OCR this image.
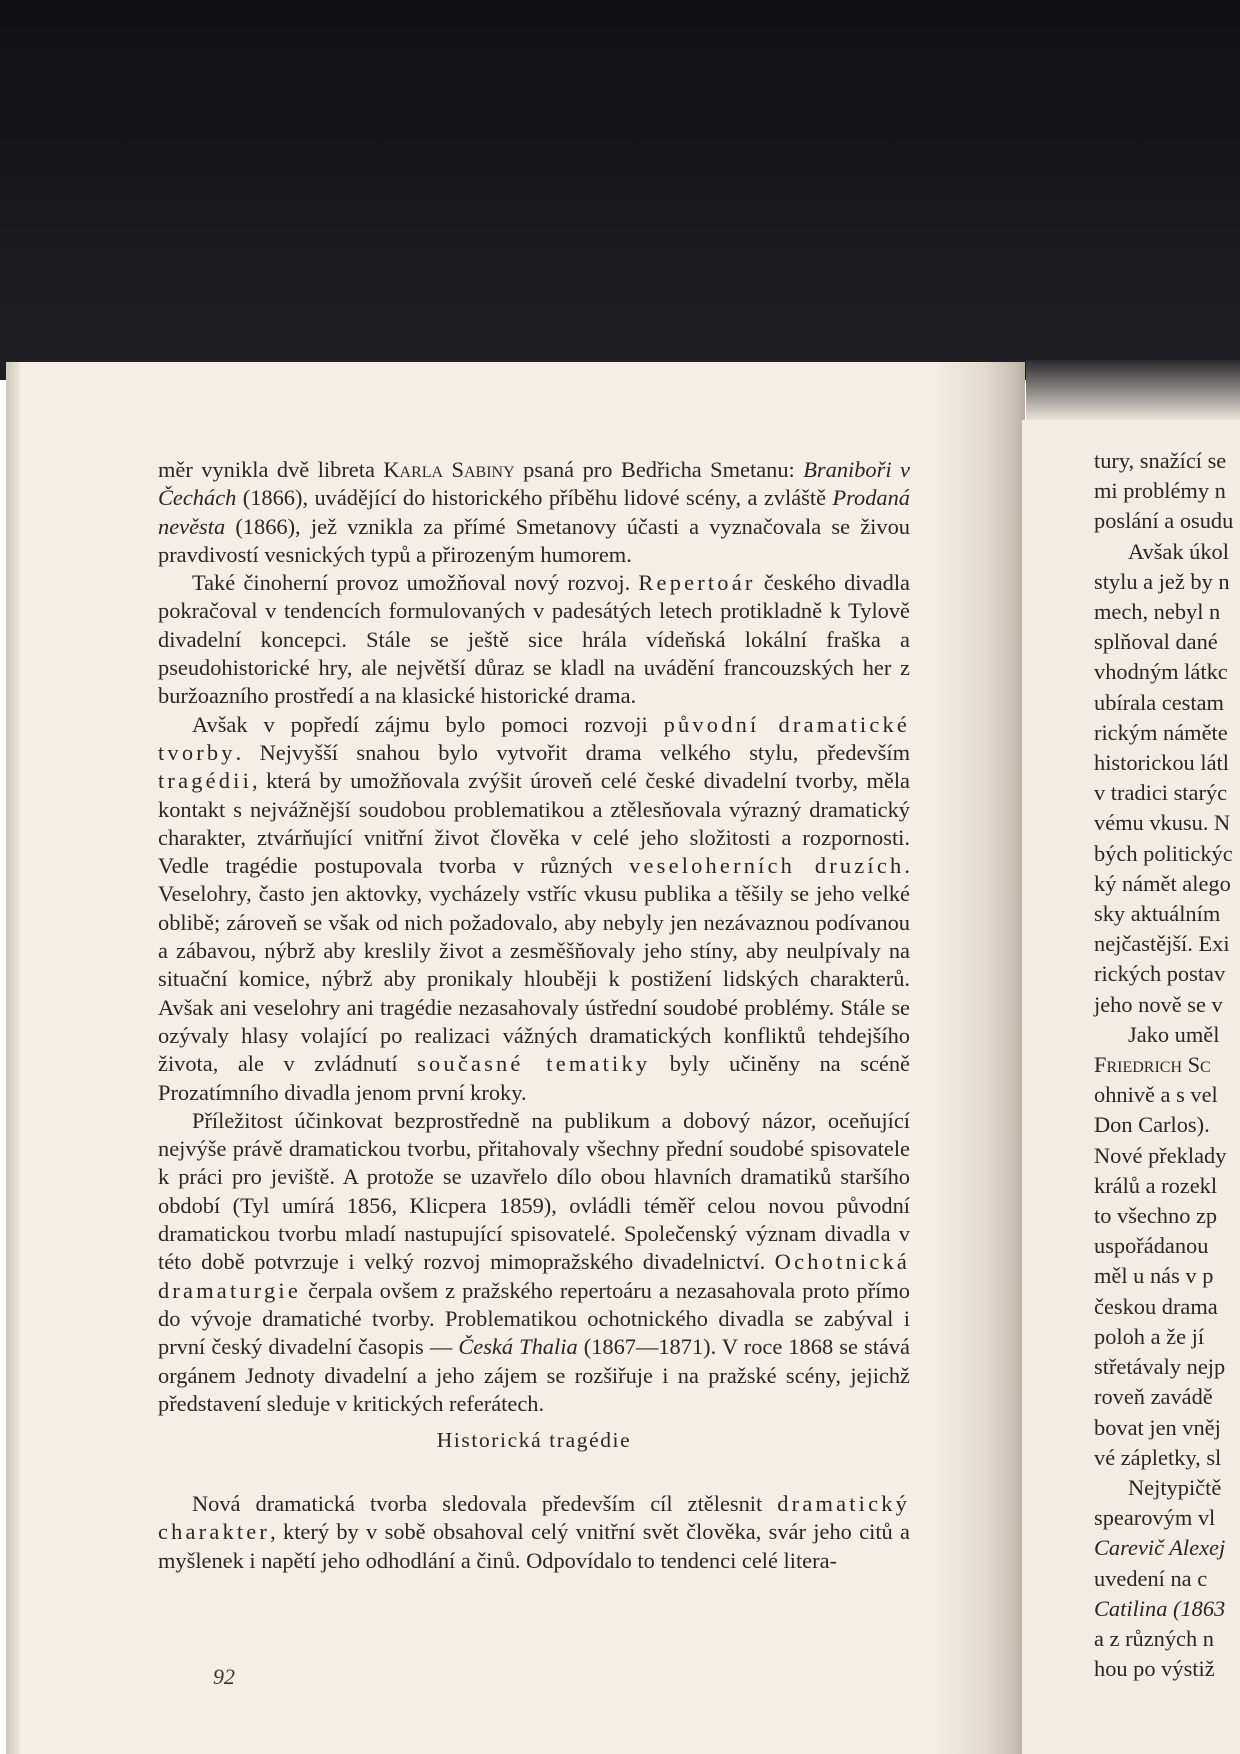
měr vynikla dvě libreta Karla Sabiny psaná pro Bedřicha Smetanu: Braniboři v Čechách (1866), uvádějící do historického příběhu lidové scény, a zvláště Prodaná nevěsta (1866), jež vznikla za přímé Smetanovy účasti a vyznačovala se živou pravdivostí vesnických typů a přirozeným humorem.

Také činoherní provoz umožňoval nový rozvoj. Repertoár českého divadla pokračoval v tendencích formulovaných v padesátých letech protikladně k Tylově divadelní koncepci. Stále se ještě sice hrála vídeňská lokální fraška a pseudohistorické hry, ale největší důraz se kladl na uvádění francouzských her z buržoazního prostředí a na klasické historické drama.

Avšak v popředí zájmu bylo pomoci rozvoji původní dramatické tvorby. Nejvyšší snahou bylo vytvořit drama velkého stylu, především tragédii, která by umožňovala zvýšit úroveň celé české divadelní tvorby, měla kontakt s nejvážnější soudobou problematikou a ztělesňovala výrazný dramatický charakter, ztvárňující vnitřní život člověka v celé jeho složitosti a rozpornosti. Vedle tragédie postupovala tvorba v různých veseloherních druzích. Veselohry, často jen aktovky, vycházely vstříc vkusu publika a těšily se jeho velké oblibě; zároveň se však od nich požadovalo, aby nebyly jen nezávaznou podívanou a zábavou, nýbrž aby kreslily život a zesměšňovaly jeho stíny, aby neulpívaly na situační komice, nýbrž aby pronikaly hlouběji k postižení lidských charakterů. Avšak ani veselohry ani tragédie nezasahovaly ústřední soudobé problémy. Stále se ozývaly hlasy volající po realizaci vážných dramatických konfliktů tehdejšího života, ale v zvládnutí současné tematiky byly učiněny na scéně Prozatímního divadla jenom první kroky.

Příležitost účinkovat bezprostředně na publikum a dobový názor, oceňující nejvýše právě dramatickou tvorbu, přitahovaly všechny přední soudobé spisovatele k práci pro jeviště. A protože se uzavřelo dílo obou hlavních dramatiků staršího období (Tyl umírá 1856, Klicpera 1859), ovládli téměř celou novou původní dramatickou tvorbu mladí nastupující spisovatelé. Společenský význam divadla v této době potvrzuje i velký rozvoj mimopražského divadelnictví. Ochotnická dramaturgie čerpala ovšem z pražského repertoáru a nezasahovala proto přímo do vývoje dramatiché tvorby. Problematikou ochotnického divadla se zabýval i první český divadelní časopis — Česká Thalia (1867—1871). V roce 1868 se stává orgánem Jednoty divadelní a jeho zájem se rozšiřuje i na pražské scény, jejichž představení sleduje v kritických referátech.

Historická tragédie

Nová dramatická tvorba sledovala především cíl ztělesnit dramatický charakter, který by v sobě obsahoval celý vnitřní svět člověka, svár jeho citů a myšlenek i napětí jeho odhodlání a činů. Odpovídalo to tendenci celé litera-

92
tury, snažící se
mi problémy n
poslání a osudu
Avšak úkol
stylu a jež by n
mech, nebyl n
splňoval dané
vhodným látkc
ubírala cestam
rickým náměte
historickou látl
v tradici starýc
vému vkusu. N
bých politickýc
ký námět alego
sky aktuálním
nejčastější. Exi
rických postav
jeho nově se v
Jako uměl
Friedrich Sc
ohnivě a s vel
Don Carlos).
Nové překlady
králů a rozekl
to všechno zp
uspořádanou
měl u nás v p
českou drama
poloh a že jí
střetávaly nejp
roveň zavádě
bovat jen vněj
vé zápletky, sl
Nejtypičtě
spearovým vl
Carevič Alexej
uvedení na c
Catilina (1863
a z různých n
hou po výstiž
